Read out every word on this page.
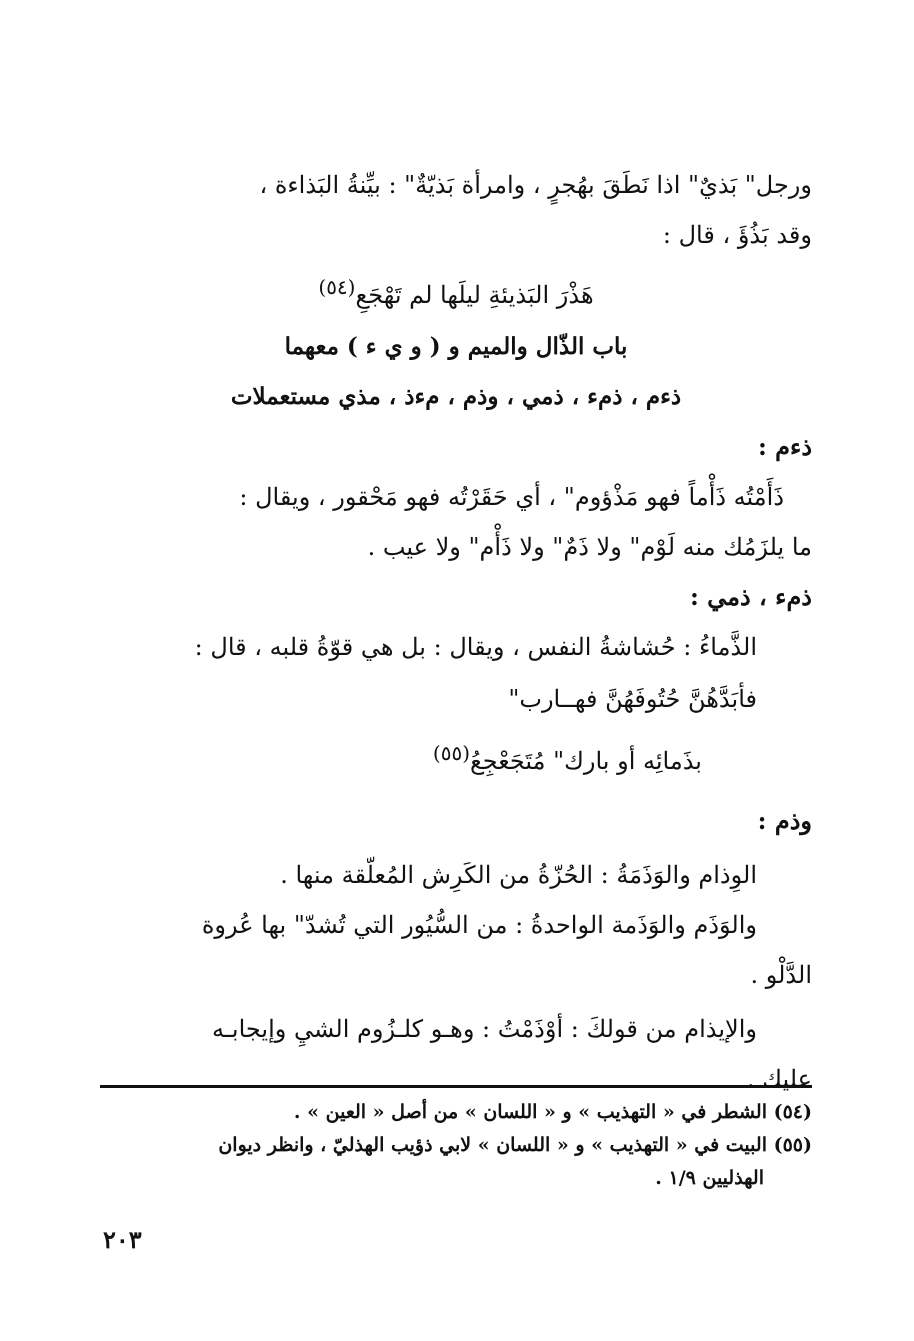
ورجل" بَذيٌ" اذا نَطَقَ بهُجرٍ ، وامرأة بَذيّةٌ" : بيِّنةُ البَذاءة ،

وقد بَذُؤَ ، قال :

هَذْرَ البَذيئةِ ليلَها لم تَهْجَعِ$^{(٥٤)}$

باب الذّال والميم و ( و ي ء ) معهما

ذءم ، ذمء ، ذمي ، وذم ، مءذ ، مذي مستعملات

ذءم :

ذَأَمْتُه ذَأْماً فهو مَذْؤوم" ، أي حَقَرْتُه فهو مَحْقور ، ويقال :

ما يلزَمُك منه لَوْم" ولا ذَمٌ" ولا ذَأْم" ولا عيب .

ذمء ، ذمي :

الذَّماءُ : حُشاشةُ النفس ، ويقال : بل هي قوّةُ قلبه ، قال :

فأبَدَّهُنَّ حُتُوفَهُنَّ فهــارب"

بذَمائِه أو بارك" مُتَجَعْجِعُ$^{(٥٥)}$

وذم :

الوِذام والوَذَمَةُ : الحُزّةُ من الكَرِش المُعلّقة منها .

والوَذَم والوَذَمة الواحدةُ : من السُّيُور التي تُشدّ" بها عُروة

الدَّلْو .

والإيذام من قولكَ : أوْذَمْتُ : وهـو كلـزُوم الشيِ وإيجابـه

عليك .

(٥٤) الشطر في « التهذيب » و « اللسان » من أصل « العين » .
(٥٥) البيت في « التهذيب » و « اللسان » لابي ذؤيب الهذليّ ، وانظر ديوان
الهذليين ١/٩ .
٢٠٣
